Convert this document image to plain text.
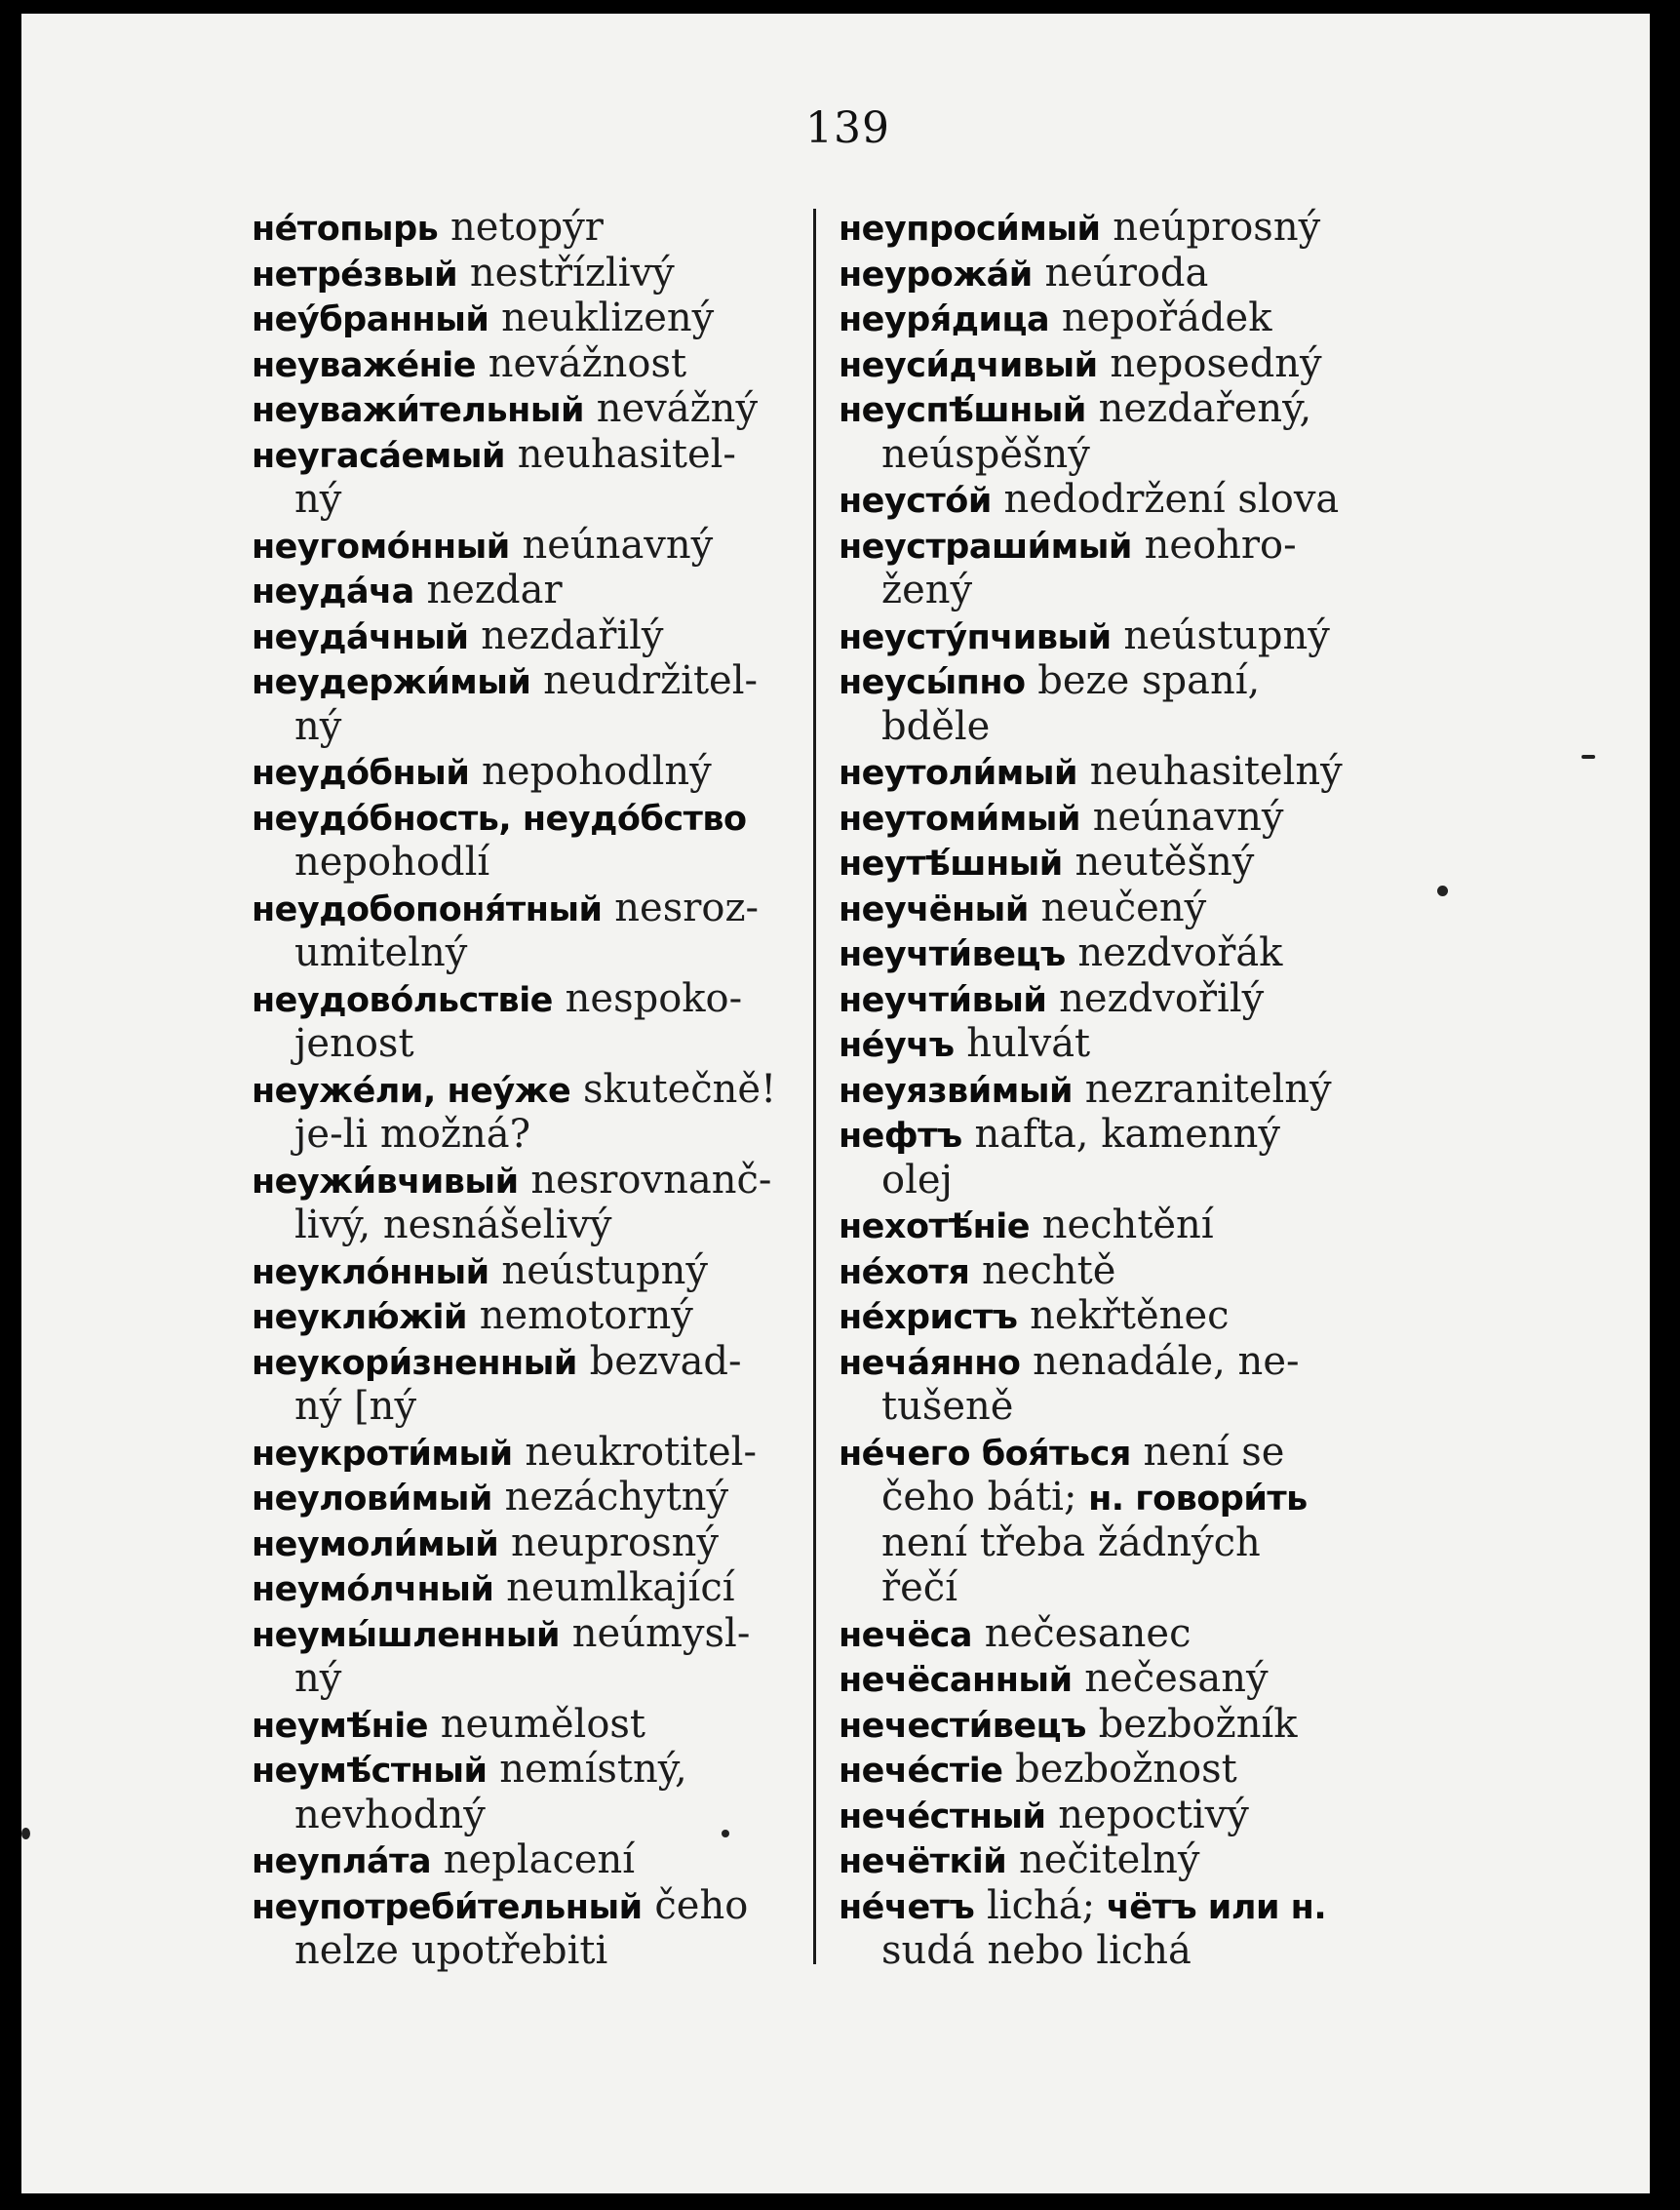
139
нéтопырь netopýr
нетрéзвый nestřízlivý
неýбранный neuklizený
неуважéніе nevážnost
неуважи́тельный nevážný
неугасáемый neuhasitel-
ný
неугомóнный neúnavný
неудáча nezdar
неудáчный nezdařilý
неудержи́мый neudržitel-
ný
неудóбный nepohodlný
неудóбность, неудóбство
nepohodlí
неудобопоня́тный nesroz-
umitelný
неудовóльствіе nespoko-
jenost
неужéли, неýже skutečně!
je-li možná?
неужи́вчивый nesrovnanč-
livý, nesnášelivý
неуклóнный neústupný
неуклю́жій nemotorný
неукори́зненный bezvad-
ný [ný
неукроти́мый neukrotitel-
неулови́мый nezáchytný
неумоли́мый neuprosný
неумóлчный neumlkající
неумы́шленный neúmysl-
ný
неумѣ́ніе neumělost
неумѣ́стный nemístný,
nevhodný
неуплáта neplacení
неупотреби́тельный čeho
nelze upotřebiti
неупроси́мый neúprosný
неурожáй neúroda
неуря́дица nepořádek
неуси́дчивый neposedný
неуспѣ́шный nezdařený,
neúspěšný
неустóй nedodržení slova
неустраши́мый neohro-
žený
неустýпчивый neústupný
неусы́пно beze spaní,
bděle
неутоли́мый neuhasitelný
неутоми́мый neúnavný
неутѣ́шный neutěšný
неучёный neučený
неучти́вецъ nezdvořák
неучти́вый nezdvořilý
нéучъ hulvát
неуязви́мый nezranitelný
нефтъ nafta, kamenný
olej
нехотѣ́ніе nechtění
нéхотя nechtě
нéхристъ nekřtěnec
нечáянно nenadále, ne-
tušeně
нéчего боя́ться není se
čeho báti; н. говори́ть
není třeba žádných
řečí
нечёса nečesanec
нечёсанный nečesaný
нечести́вецъ bezbožník
нечéстіе bezbožnost
нечéстный nepoctivý
нечёткій nečitelný
нéчетъ lichá; чётъ или н.
sudá nebo lichá
